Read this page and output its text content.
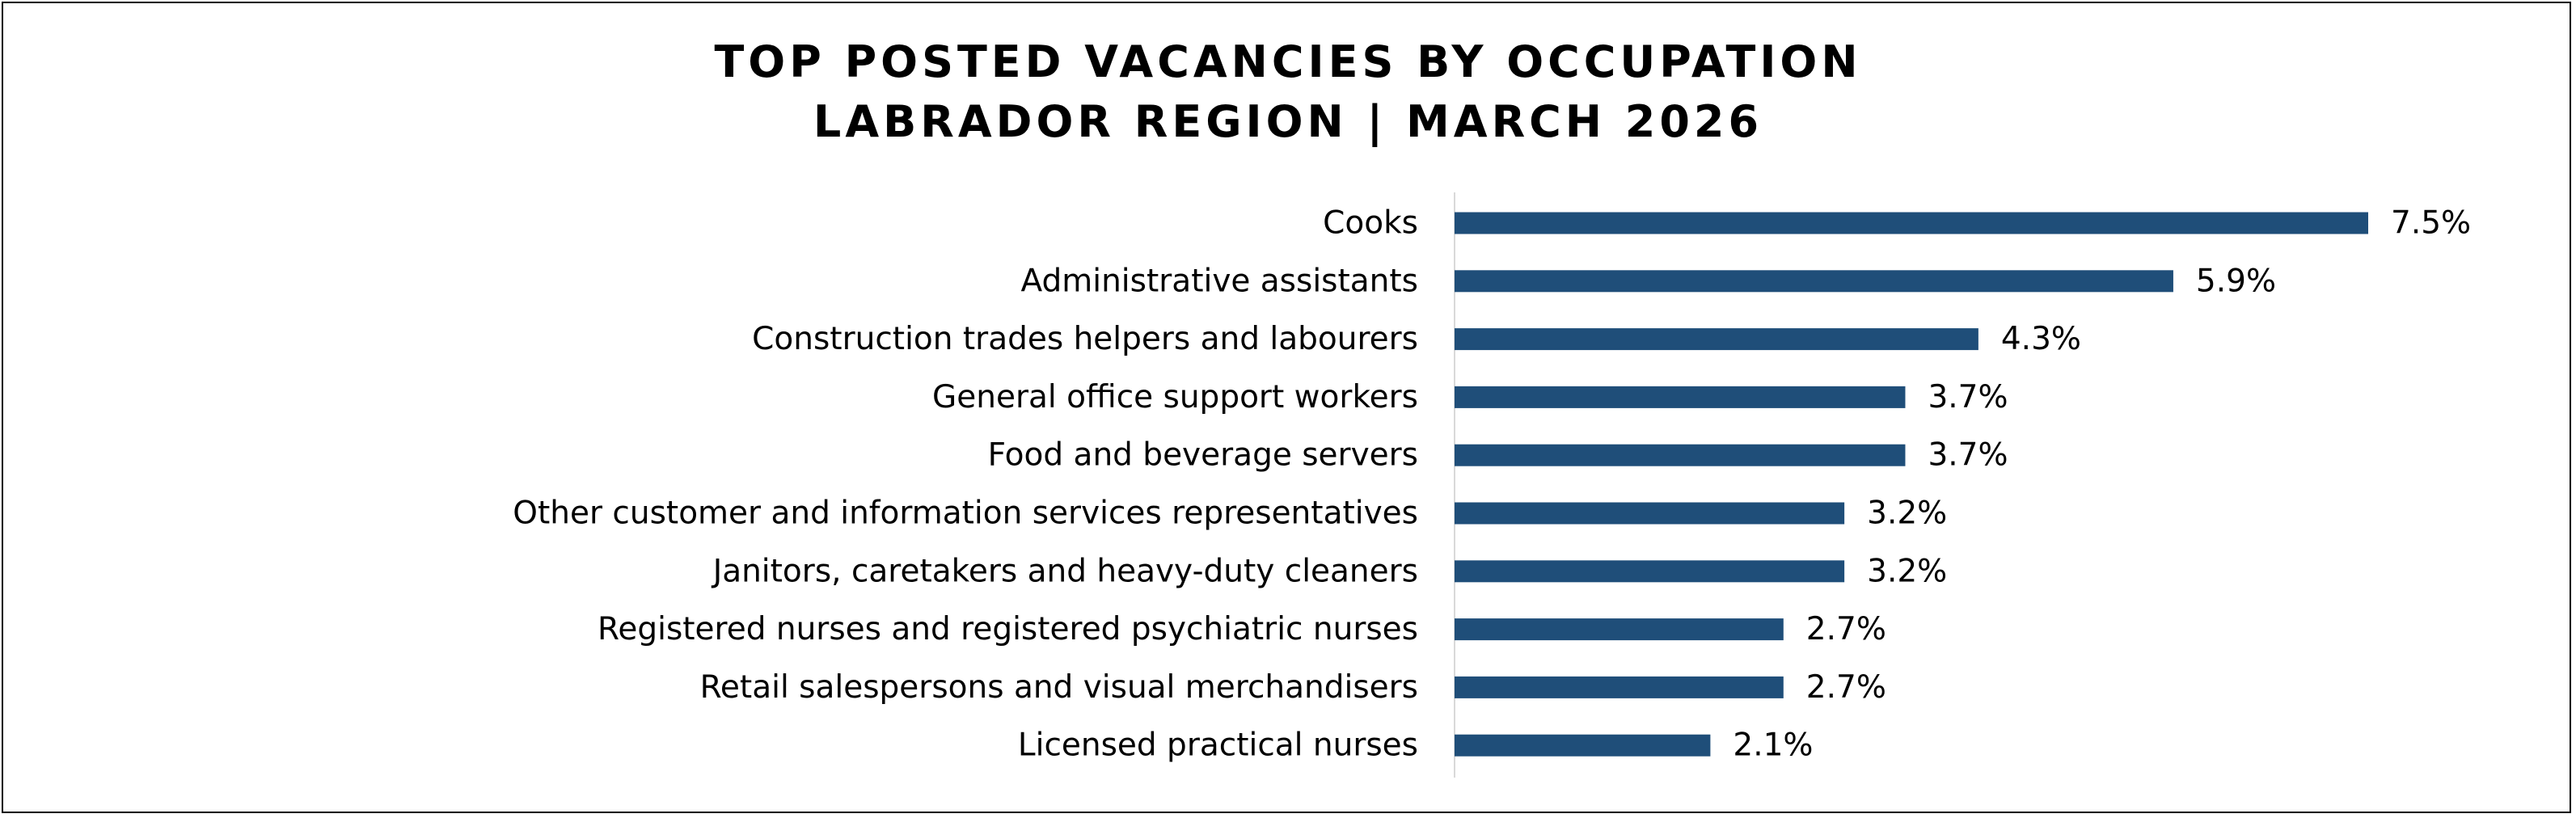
TOP POSTED VACANCIES BY OCCUPATION
LABRADOR REGION | MARCH 2026
Cooks	7.5%
Administrative assistants	5.9%
Construction trades helpers and labourers	4.3%
General office support workers	3.7%
Food and beverage servers	3.7%
Other customer and information services representatives	3.2%
Janitors, caretakers and heavy-duty cleaners	3.2%
Registered nurses and registered psychiatric nurses	2.7%
Retail salespersons and visual merchandisers	2.7%
Licensed practical nurses	2.1%
